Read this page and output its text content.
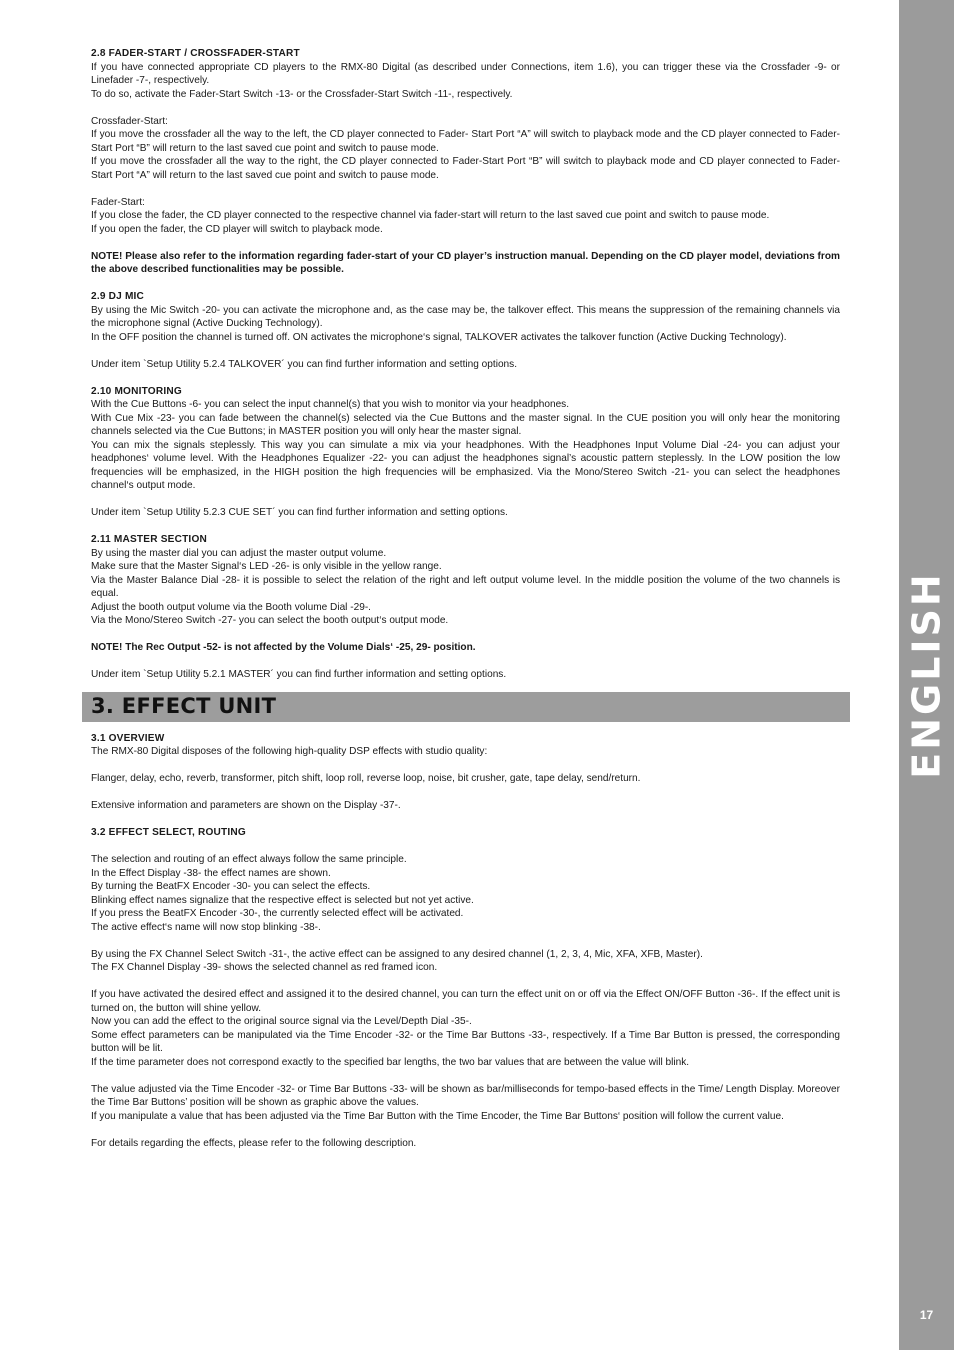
ENGLISH
17
2.8 FADER-START / CROSSFADER-START

If you have connected appropriate CD players to the RMX-80 Digital (as described under Connections, item 1.6), you can trigger these via the Crossfader -9- or Linefader -7-, respectively.

To do so, activate the Fader-Start Switch -13- or the Crossfader-Start Switch -11-, respectively.

Crossfader-Start:

If you move the crossfader all the way to the left, the CD player connected to Fader- Start Port “A” will switch to playback mode and the CD player connected to Fader-Start Port “B” will return to the last saved cue point and switch to pause mode.

If you move the crossfader all the way to the right, the CD player connected to Fader-Start Port “B” will switch to playback mode and CD player connected to Fader-Start Port “A” will return to the last saved cue point and switch to pause mode.

Fader-Start:

If you close the fader, the CD player connected to the respective channel via fader-start will return to the last saved cue point and switch to pause mode.

If you open the fader, the CD player will switch to playback mode.

NOTE! Please also refer to the information regarding fader-start of your CD player’s instruction manual. Depending on the CD player model, deviations from the above described functionalities may be possible.

2.9 DJ MIC

By using the Mic Switch -20- you can activate the microphone and, as the case may be, the talkover effect. This means the suppression of the remaining channels via the microphone signal (Active Ducking Technology).

In the OFF position the channel is turned off. ON activates the microphone‘s signal, TALKOVER activates the talkover function (Active Ducking Technology).

Under item `Setup Utility 5.2.4 TALKOVER´ you can find further information and setting options.

2.10 MONITORING

With the Cue Buttons -6- you can select the input channel(s) that you wish to monitor via your headphones.

With Cue Mix -23- you can fade between the channel(s) selected via the Cue Buttons and the master signal. In the CUE position you will only hear the monitoring channels selected via the Cue Buttons; in MASTER position you will only hear the master signal.

You can mix the signals steplessly. This way you can simulate a mix via your headphones. With the Headphones Input Volume Dial -24- you can adjust your headphones‘ volume level. With the Headphones Equalizer -22- you can adjust the headphones signal’s acoustic pattern steplessly. In the LOW position the low frequencies will be emphasized, in the HIGH position the high frequencies will be emphasized. Via the Mono/Stereo Switch -21- you can select the headphones channel‘s output mode.

Under item `Setup Utility 5.2.3 CUE SET´ you can find further information and setting options.

2.11 MASTER SECTION

By using the master dial you can adjust the master output volume.

Make sure that the Master Signal‘s LED -26- is only visible in the yellow range.

Via the Master Balance Dial -28- it is possible to select the relation of the right and left output volume level. In the middle position the volume of the two channels is equal.

Adjust the booth output volume via the Booth volume Dial -29-.

Via the Mono/Stereo Switch -27- you can select the booth output‘s output mode.

NOTE! The Rec Output -52- is not affected by the Volume Dials‘ -25, 29- position.

Under item `Setup Utility 5.2.1 MASTER´ you can find further information and setting options.

3. EFFECT UNIT
3.1 OVERVIEW

The RMX-80 Digital disposes of the following high-quality DSP effects with studio quality:

Flanger, delay, echo, reverb, transformer, pitch shift, loop roll, reverse loop, noise, bit crusher, gate, tape delay, send/return.

Extensive information and parameters are shown on the Display -37-.

3.2 EFFECT SELECT, ROUTING

The selection and routing of an effect always follow the same principle.

In the Effect Display -38- the effect names are shown.

By turning the BeatFX Encoder -30- you can select the effects.

Blinking effect names signalize that the respective effect is selected but not yet active.

If you press the BeatFX Encoder -30-, the currently selected effect will be activated.

The active effect‘s name will now stop blinking -38-.

By using the FX Channel Select Switch -31-, the active effect can be assigned to any desired channel (1, 2, 3, 4, Mic, XFA, XFB, Master).

The FX Channel Display -39- shows the selected channel as red framed icon.

If you have activated the desired effect and assigned it to the desired channel, you can turn the effect unit on or off via the Effect ON/OFF Button -36-. If the effect unit is turned on, the button will shine yellow.

Now you can add the effect to the original source signal via the Level/Depth Dial -35-.

Some effect parameters can be manipulated via the Time Encoder -32- or the Time Bar Buttons -33-, respectively. If a Time Bar Button is pressed, the corresponding button will be lit.

If the time parameter does not correspond exactly to the specified bar lengths, the two bar values that are between the value will blink.

The value adjusted via the Time Encoder -32- or Time Bar Buttons -33- will be shown as bar/milliseconds for tempo-based effects in the Time/ Length Display. Moreover the Time Bar Buttons’ position will be shown as graphic above the values.

If you manipulate a value that has been adjusted via the Time Bar Button with the Time Encoder, the Time Bar Buttons‘ position will follow the current value.

For details regarding the effects, please refer to the following description.
